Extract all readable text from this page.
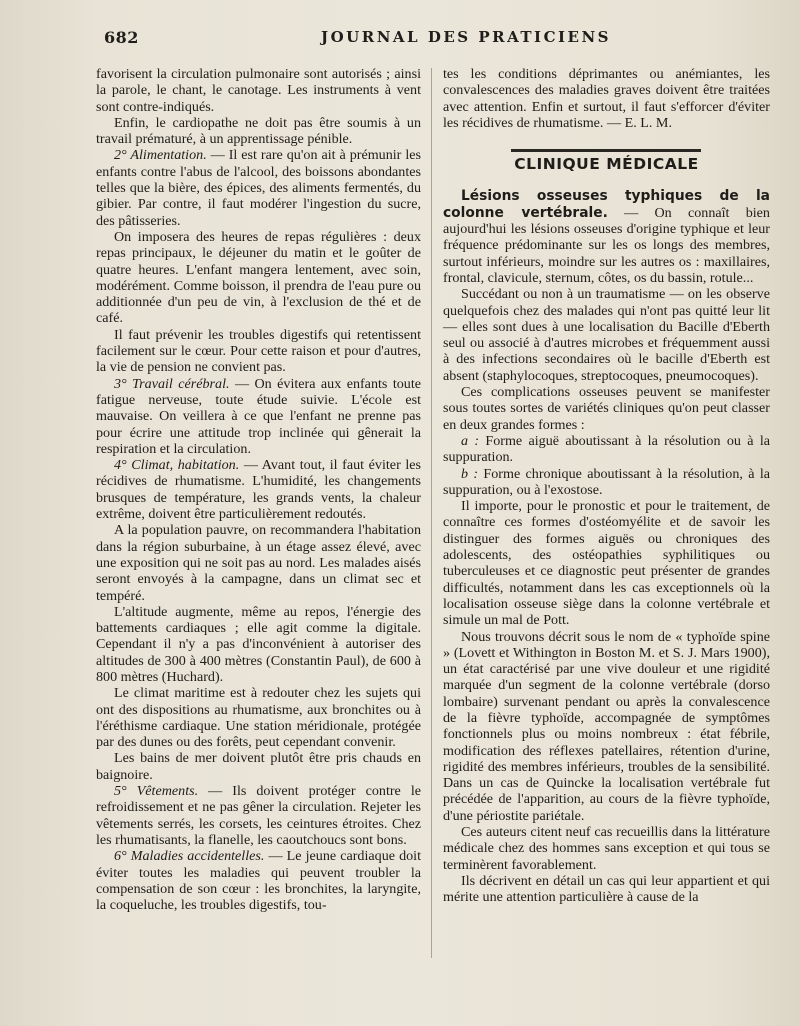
682	JOURNAL DES PRATICIENS

favorisent la circulation pulmonaire sont autorisés ; ainsi la parole, le chant, le canotage. Les instruments à vent sont contre-indiqués.

Enfin, le cardiopathe ne doit pas être soumis à un travail prématuré, à un apprentissage pénible.

2° Alimentation. — Il est rare qu'on ait à prémunir les enfants contre l'abus de l'alcool, des boissons abondantes telles que la bière, des épices, des aliments fermentés, du gibier. Par contre, il faut modérer l'ingestion du sucre, des pâtisseries.

On imposera des heures de repas régulières : deux repas principaux, le déjeuner du matin et le goûter de quatre heures. L'enfant mangera lentement, avec soin, modérément. Comme boisson, il prendra de l'eau pure ou additionnée d'un peu de vin, à l'exclusion de thé et de café.

Il faut prévenir les troubles digestifs qui retentissent facilement sur le cœur. Pour cette raison et pour d'autres, la vie de pension ne convient pas.

3° Travail cérébral. — On évitera aux enfants toute fatigue nerveuse, toute étude suivie. L'école est mauvaise. On veillera à ce que l'enfant ne prenne pas pour écrire une attitude trop inclinée qui gênerait la respiration et la circulation.

4° Climat, habitation. — Avant tout, il faut éviter les récidives de rhumatisme. L'humidité, les changements brusques de température, les grands vents, la chaleur extrême, doivent être particulièrement redoutés.

A la population pauvre, on recommandera l'habitation dans la région suburbaine, à un étage assez élevé, avec une exposition qui ne soit pas au nord. Les malades aisés seront envoyés à la campagne, dans un climat sec et tempéré.

L'altitude augmente, même au repos, l'énergie des battements cardiaques ; elle agit comme la digitale. Cependant il n'y a pas d'inconvénient à autoriser des altitudes de 300 à 400 mètres (Constantin Paul), de 600 à 800 mètres (Huchard).

Le climat maritime est à redouter chez les sujets qui ont des dispositions au rhumatisme, aux bronchites ou à l'éréthisme cardiaque. Une station méridionale, protégée par des dunes ou des forêts, peut cependant convenir.

Les bains de mer doivent plutôt être pris chauds en baignoire.

5° Vêtements. — Ils doivent protéger contre le refroidissement et ne pas gêner la circulation. Rejeter les vêtements serrés, les corsets, les ceintures étroites. Chez les rhumatisants, la flanelle, les caoutchoucs sont bons.

6° Maladies accidentelles. — Le jeune cardiaque doit éviter toutes les maladies qui peuvent troubler la compensation de son cœur : les bronchites, la laryngite, la coqueluche, les troubles digestifs, tou-

tes les conditions déprimantes ou anémiantes, les convalescences des maladies graves doivent être traitées avec attention. Enfin et surtout, il faut s'efforcer d'éviter les récidives de rhumatisme. — E. L. M.

CLINIQUE MÉDICALE

Lésions osseuses typhiques de la colonne vertébrale. — On connaît bien aujourd'hui les lésions osseuses d'origine typhique et leur fréquence prédominante sur les os longs des membres, surtout inférieurs, moindre sur les autres os : maxillaires, frontal, clavicule, sternum, côtes, os du bassin, rotule...

Succédant ou non à un traumatisme — on les observe quelquefois chez des malades qui n'ont pas quitté leur lit — elles sont dues à une localisation du Bacille d'Eberth seul ou associé à d'autres microbes et fréquemment aussi à des infections secondaires où le bacille d'Eberth est absent (staphylocoques, streptocoques, pneumocoques).

Ces complications osseuses peuvent se manifester sous toutes sortes de variétés cliniques qu'on peut classer en deux grandes formes :

a : Forme aiguë aboutissant à la résolution ou à la suppuration.

b : Forme chronique aboutissant à la résolution, à la suppuration, ou à l'exostose.

Il importe, pour le pronostic et pour le traitement, de connaître ces formes d'ostéomyélite et de savoir les distinguer des formes aiguës ou chroniques des adolescents, des ostéopathies syphilitiques ou tuberculeuses et ce diagnostic peut présenter de grandes difficultés, notamment dans les cas exceptionnels où la localisation osseuse siège dans la colonne vertébrale et simule un mal de Pott.

Nous trouvons décrit sous le nom de « typhoïde spine » (Lovett et Withington in Boston M. et S. J. Mars 1900), un état caractérisé par une vive douleur et une rigidité marquée d'un segment de la colonne vertébrale (dorso lombaire) survenant pendant ou après la convalescence de la fièvre typhoïde, accompagnée de symptômes fonctionnels plus ou moins nombreux : état fébrile, modification des réflexes patellaires, rétention d'urine, rigidité des membres inférieurs, troubles de la sensibilité. Dans un cas de Quincke la localisation vertébrale fut précédée de l'apparition, au cours de la fièvre typhoïde, d'une périostite pariétale.

Ces auteurs citent neuf cas recueillis dans la littérature médicale chez des hommes sans exception et qui tous se terminèrent favorablement.

Ils décrivent en détail un cas qui leur appartient et qui mérite une attention particulière à cause de la
